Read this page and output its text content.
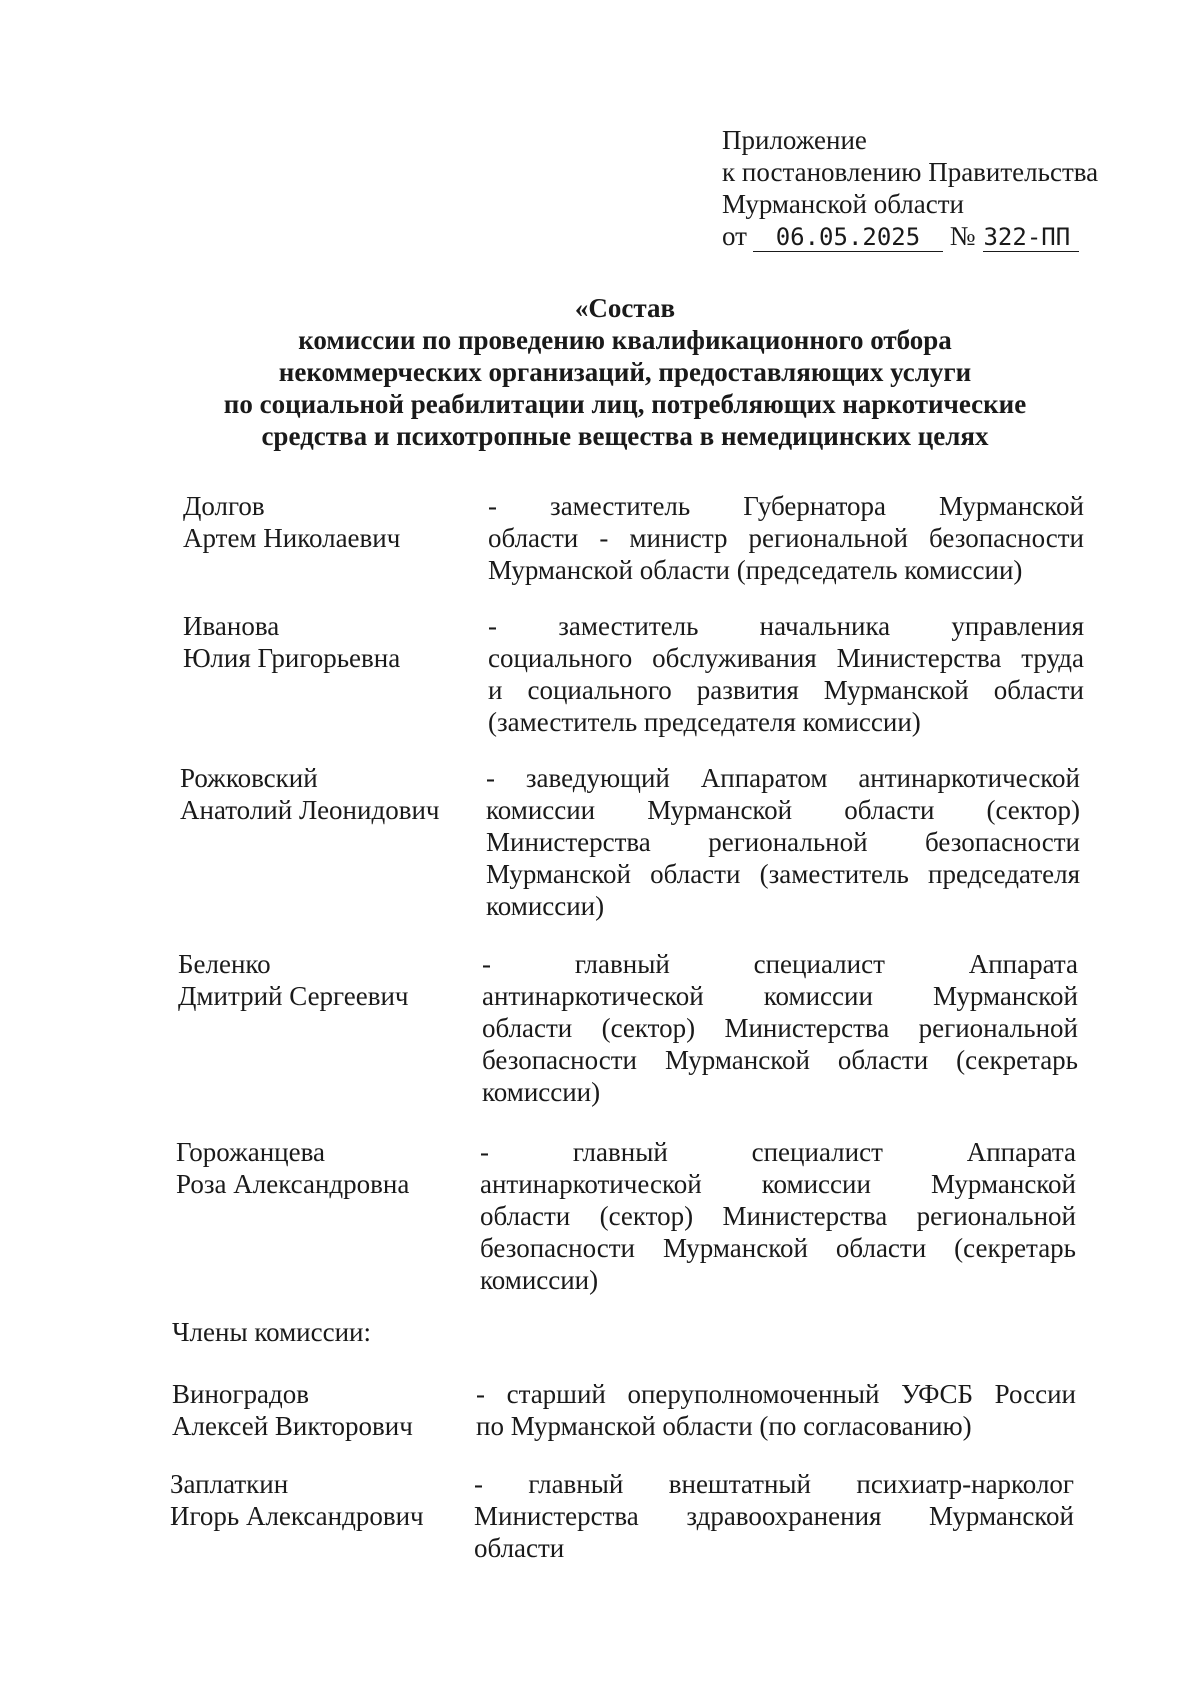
Приложение
к постановлению Правительства
Мурманской области
от 06.05.2025 № 322-ПП
«Состав
комиссии по проведению квалификационного отбора
некоммерческих организаций, предоставляющих услуги
по социальной реабилитации лиц, потребляющих наркотические
средства и психотропные вещества в немедицинских целях
Долгов
Артем Николаевич
- заместитель Губернатора Мурманской
области - министр региональной безопасности
Мурманской области (председатель комиссии)
Иванова
Юлия Григорьевна
- заместитель начальника управления
социального обслуживания Министерства труда
и социального развития Мурманской области
(заместитель председателя комиссии)
Рожковский
Анатолий Леонидович
- заведующий Аппаратом антинаркотической
комиссии Мурманской области (сектор)
Министерства региональной безопасности
Мурманской области (заместитель председателя
комиссии)
Беленко
Дмитрий Сергеевич
- главный специалист Аппарата
антинаркотической комиссии Мурманской
области (сектор) Министерства региональной
безопасности Мурманской области (секретарь
комиссии)
Горожанцева
Роза Александровна
- главный специалист Аппарата
антинаркотической комиссии Мурманской
области (сектор) Министерства региональной
безопасности Мурманской области (секретарь
комиссии)
Члены комиссии:
Виноградов
Алексей Викторович
- старший оперуполномоченный УФСБ России
по Мурманской области (по согласованию)
Заплаткин
Игорь Александрович
- главный внештатный психиатр-нарколог
Министерства здравоохранения Мурманской
области
